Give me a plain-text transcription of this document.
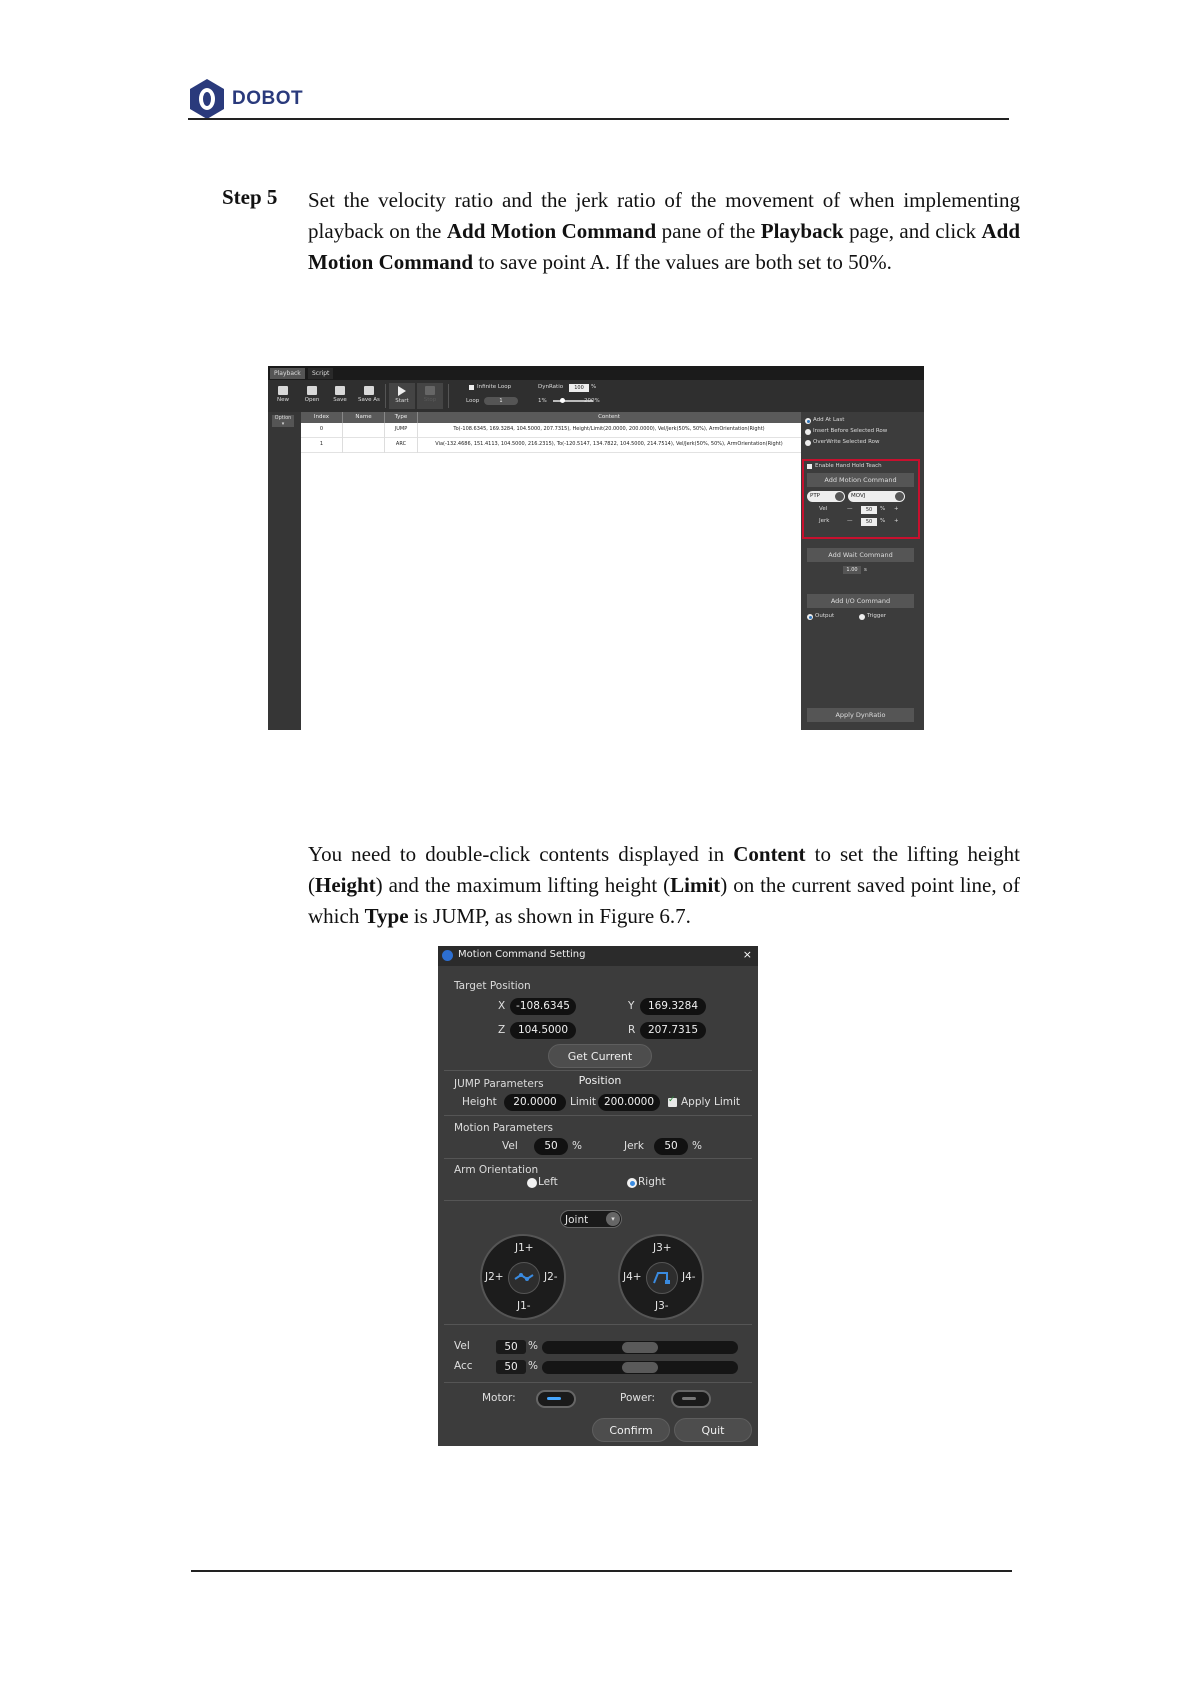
DOBOT
Step 5 Set the velocity ratio and the jerk ratio of the movement of when implementing playback on the Add Motion Command pane of the Playback page, and click Add Motion Command to save point A. If the values are both set to 50%.
Playback	Script
New	Open	Save	Save As	Start	Stop
Infinite Loop
Loop	1
DynRatio	100	%
1%	200%
Option
▾
Index	Name	Type	Content
0	JUMP	To(-108.6345, 169.3284, 104.5000, 207.7315), Height/Limit(20.0000, 200.0000), Vel/Jerk(50%, 50%), ArmOrientation(Right)
1	ARC	Via(-132.4686, 151.4113, 104.5000, 216.2315), To(-120.5147, 134.7822, 104.5000, 214.7514), Vel/Jerk(50%, 50%), ArmOrientation(Right)
Add At Last
Insert Before Selected Row
OverWrite Selected Row
Enable Hand Hold Teach
Add Motion Command
PTP	MOVJ
Vel	—	50	% +
Jerk	—	50	% +
Add Wait Command
1.00	s
Add I/O Command
Output	Trigger
Apply DynRatio
You need to double-click contents displayed in Content to set the lifting height (Height) and the maximum lifting height (Limit) on the current saved point line, of which Type is JUMP, as shown in Figure 6.7.
Motion Command Setting	×
Target Position
X	-108.6345	Y	169.3284
Z	104.5000	R	207.7315
Get Current Position
JUMP Parameters
Height	20.0000	Limit 200.0000
✓	Apply Limit
Motion Parameters
Vel	50	%	Jerk	50	%
Arm Orientation
Left	Right
Joint	▾
J1+
J1-
J2+	J2-
J3+
J3-
J4+	J4-
Vel	50 %
Acc	50 %
Motor:	Power:
Confirm	Quit
